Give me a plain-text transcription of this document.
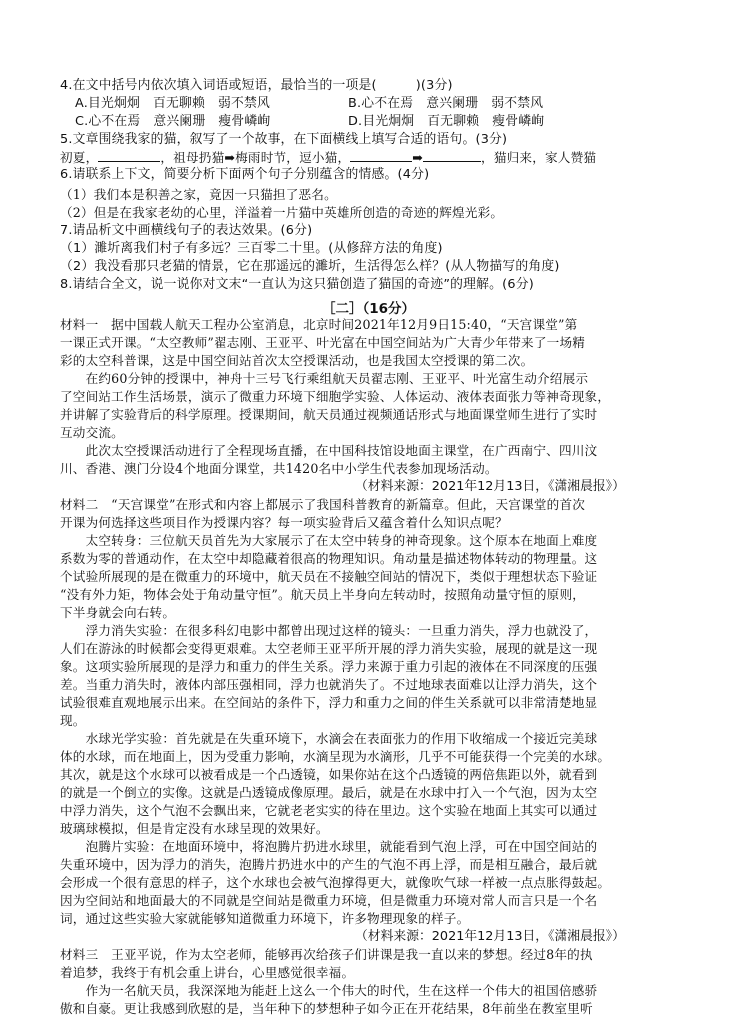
4.在文中括号内依次填入词语或短语，最恰当的一项是(　　　)(3分)
A.目光炯炯　百无聊赖　弱不禁风	B.心不在焉　意兴阑珊　弱不禁风
C.心不在焉　意兴阑珊　瘦骨嶙峋	D.目光炯炯　百无聊赖　瘦骨嶙峋
5.文章围绕我家的猫，叙写了一个故事，在下面横线上填写合适的语句。(3分)
初夏，	，祖母扔猫➡梅雨时节，逗小猫，	➡	，猫归来，家人赞猫
6.请联系上下文，简要分析下面两个句子分别蕴含的情感。(4分)
（1）我们本是积善之家，竟因一只猫担了恶名。
（2）但是在我家老幼的心里，洋溢着一片猫中英雄所创造的奇迹的辉煌光彩。
7.请品析文中画横线句子的表达效果。(6分)
（1）濉圻离我们村子有多远？三百零二十里。(从修辞方法的角度)
（2）我没看那只老猫的情景，它在那遥远的濉圻，生活得怎么样？(从人物描写的角度)
8.请结合全文，说一说你对文末“一直认为这只猫创造了猫国的奇迹”的理解。(6分)
［二］（16分）
材料一　据中国载人航天工程办公室消息，北京时间2021年12月9日15:40，“天宫课堂”第
一课正式开课。“太空教师”翟志刚、王亚平、叶光富在中国空间站为广大青少年带来了一场精
彩的太空科普课，这是中国空间站首次太空授课活动，也是我国太空授课的第二次。
　　在约60分钟的授课中，神舟十三号飞行乘组航天员翟志刚、王亚平、叶光富生动介绍展示
了空间站工作生活场景，演示了微重力环境下细胞学实验、人体运动、液体表面张力等神奇现象，
并讲解了实验背后的科学原理。授课期间，航天员通过视频通话形式与地面课堂师生进行了实时
互动交流。
　　此次太空授课活动进行了全程现场直播，在中国科技馆设地面主课堂，在广西南宁、四川汶
川、香港、澳门分设4个地面分课堂，共1420名中小学生代表参加现场活动。
（材料来源：2021年12月13日，《潇湘晨报》）
材料二　“天宫课堂”在形式和内容上都展示了我国科普教育的新篇章。但此，天宫课堂的首次
开课为何选择这些项目作为授课内容？每一项实验背后又蕴含着什么知识点呢？
　　太空转身：三位航天员首先为大家展示了在太空中转身的神奇现象。这个原本在地面上难度
系数为零的普通动作，在太空中却隐藏着很高的物理知识。角动量是描述物体转动的物理量。这
个试验所展现的是在微重力的环境中，航天员在不接触空间站的情况下，类似于理想状态下验证
“没有外力矩，物体会处于角动量守恒”。航天员上半身向左转动时，按照角动量守恒的原则，
下半身就会向右转。
　　浮力消失实验：在很多科幻电影中都曾出现过这样的镜头：一旦重力消失，浮力也就没了，
人们在游泳的时候都会变得更艰难。太空老师王亚平所开展的浮力消失实验，展现的就是这一现
象。这项实验所展现的是浮力和重力的伴生关系。浮力来源于重力引起的液体在不同深度的压强
差。当重力消失时，液体内部压强相同，浮力也就消失了。不过地球表面难以让浮力消失，这个
试验很难直观地展示出来。在空间站的条件下，浮力和重力之间的伴生关系就可以非常清楚地显
现。
　　水球光学实验：首先就是在失重环境下，水滴会在表面张力的作用下收缩成一个接近完美球
体的水球，而在地面上，因为受重力影响，水滴呈现为水滴形，几乎不可能获得一个完美的水球。
其次，就是这个水球可以被看成是一个凸透镜，如果你站在这个凸透镜的两倍焦距以外，就看到
的就是一个倒立的实像。这就是凸透镜成像原理。最后，就是在水球中打入一个气泡，因为太空
中浮力消失，这个气泡不会飘出来，它就老老实实的待在里边。这个实验在地面上其实可以通过
玻璃球模拟，但是肯定没有水球呈现的效果好。
　　泡腾片实验：在地面环境中，将泡腾片扔进水球里，就能看到气泡上浮，可在中国空间站的
失重环境中，因为浮力的消失，泡腾片扔进水中的产生的气泡不再上浮，而是相互融合，最后就
会形成一个很有意思的样子，这个水球也会被气泡撑得更大，就像吹气球一样被一点点胀得鼓起。
因为空间站和地面最大的不同就是空间站是微重力环境，但是微重力环境对常人而言只是一个名
词，通过这些实验大家就能够知道微重力环境下，许多物理现象的样子。
（材料来源：2021年12月13日，《潇湘晨报》）
材料三　王亚平说，作为太空老师，能够再次给孩子们讲课是我一直以来的梦想。经过8年的执
着追梦，我终于有机会重上讲台，心里感觉很幸福。
　　作为一名航天员，我深深地为能赶上这么一个伟大的时代，生在这样一个伟大的祖国倍感骄
傲和自豪。更让我感到欣慰的是，当年种下的梦想种子如今正在开花结果，8年前坐在教室里听
